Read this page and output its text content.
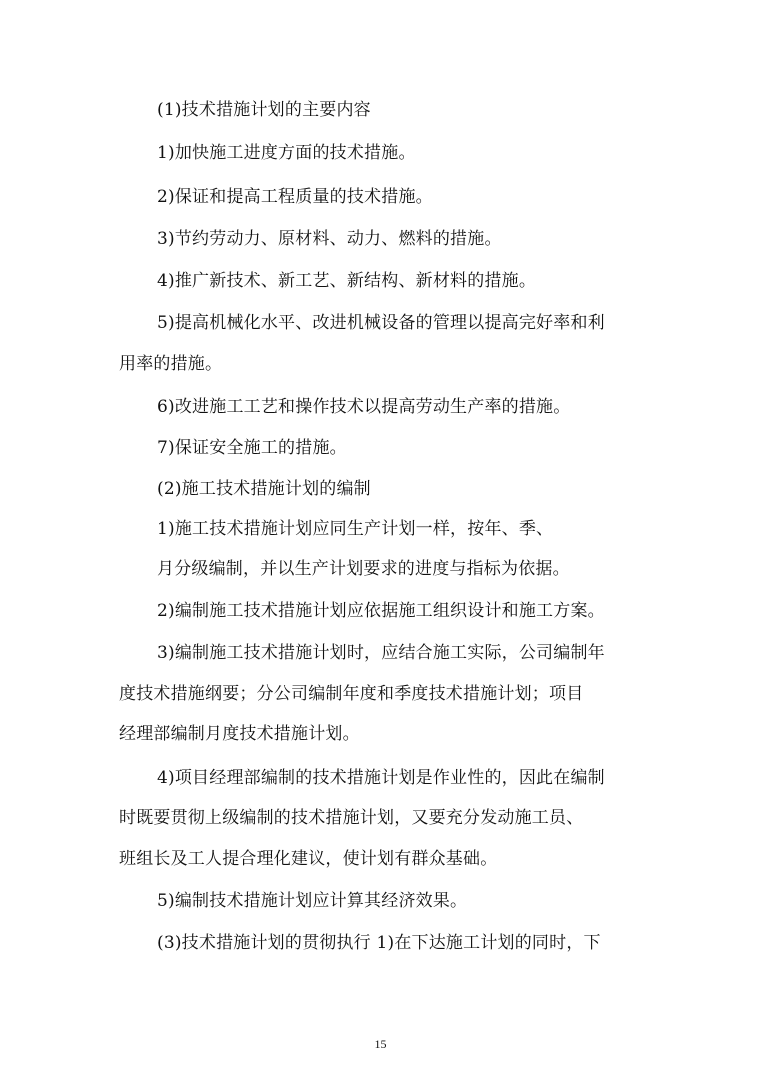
(1)技术措施计划的主要内容
1)加快施工进度方面的技术措施。
2)保证和提高工程质量的技术措施。
3)节约劳动力、原材料、动力、燃料的措施。
4)推广新技术、新工艺、新结构、新材料的措施。
5)提高机械化水平、改进机械设备的管理以提高完好率和利
用率的措施。
6)改进施工工艺和操作技术以提高劳动生产率的措施。
7)保证安全施工的措施。
(2)施工技术措施计划的编制
1)施工技术措施计划应同生产计划一样，按年、季、
月分级编制，并以生产计划要求的进度与指标为依据。
2)编制施工技术措施计划应依据施工组织设计和施工方案。
3)编制施工技术措施计划时，应结合施工实际，公司编制年
度技术措施纲要；分公司编制年度和季度技术措施计划；项目
经理部编制月度技术措施计划。
4)项目经理部编制的技术措施计划是作业性的，因此在编制
时既要贯彻上级编制的技术措施计划，又要充分发动施工员、
班组长及工人提合理化建议，使计划有群众基础。
5)编制技术措施计划应计算其经济效果。
(3)技术措施计划的贯彻执行 1)在下达施工计划的同时，下
15
